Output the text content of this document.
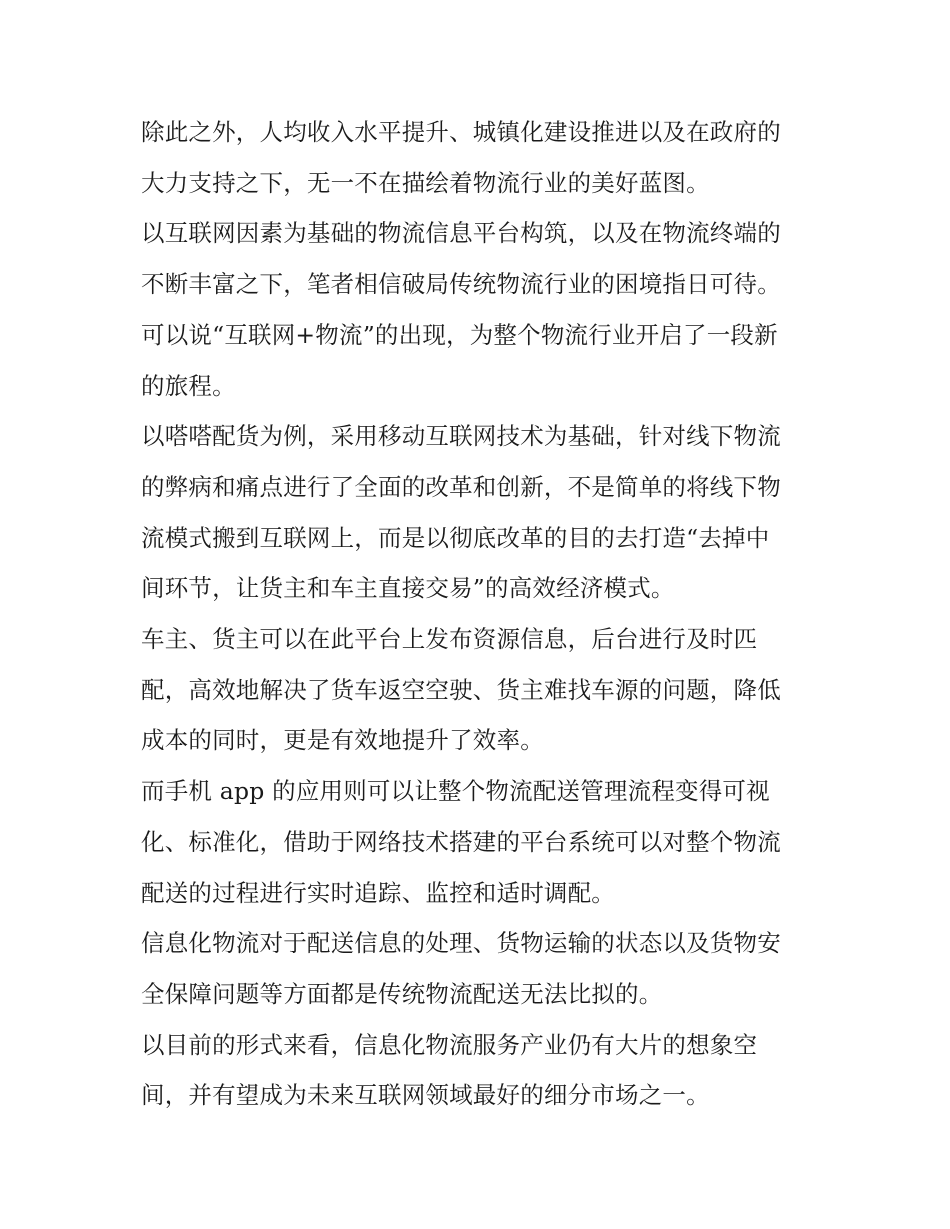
除此之外，人均收入水平提升、城镇化建设推进以及在政府的
大力支持之下，无一不在描绘着物流行业的美好蓝图。

以互联网因素为基础的物流信息平台构筑，以及在物流终端的
不断丰富之下，笔者相信破局传统物流行业的困境指日可待。

可以说“互联网+物流”的出现，为整个物流行业开启了一段新
的旅程。

以嗒嗒配货为例，采用移动互联网技术为基础，针对线下物流
的弊病和痛点进行了全面的改革和创新，不是简单的将线下物
流模式搬到互联网上，而是以彻底改革的目的去打造“去掉中
间环节，让货主和车主直接交易”的高效经济模式。

车主、货主可以在此平台上发布资源信息，后台进行及时匹
配，高效地解决了货车返空空驶、货主难找车源的问题，降低
成本的同时，更是有效地提升了效率。

而手机 app 的应用则可以让整个物流配送管理流程变得可视
化、标准化，借助于网络技术搭建的平台系统可以对整个物流
配送的过程进行实时追踪、监控和适时调配。

信息化物流对于配送信息的处理、货物运输的状态以及货物安
全保障问题等方面都是传统物流配送无法比拟的。

以目前的形式来看，信息化物流服务产业仍有大片的想象空
间，并有望成为未来互联网领域最好的细分市场之一。
